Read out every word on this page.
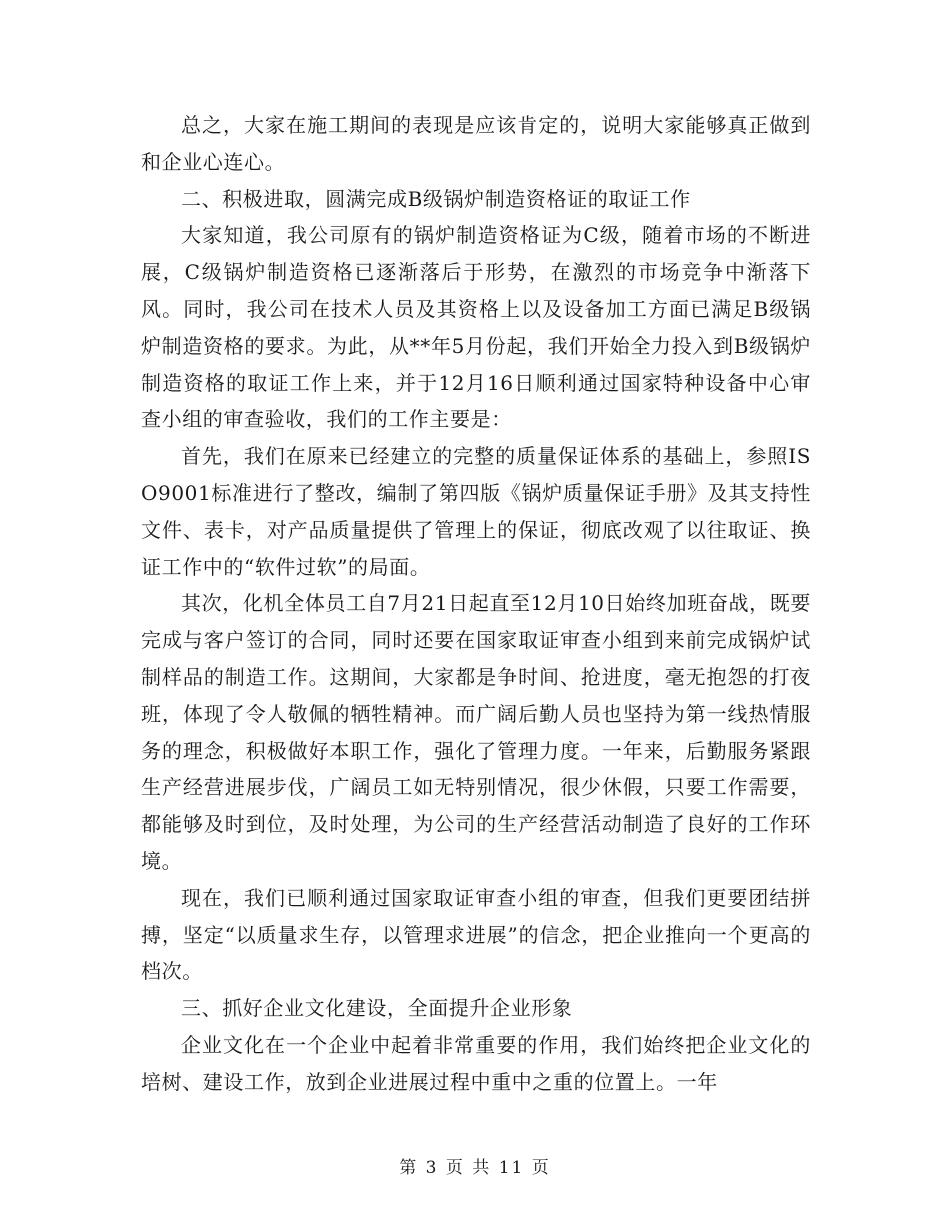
总之，大家在施工期间的表现是应该肯定的，说明大家能够真正做到和企业心连心。

二、积极进取，圆满完成B级锅炉制造资格证的取证工作

大家知道，我公司原有的锅炉制造资格证为C级，随着市场的不断进展，C级锅炉制造资格已逐渐落后于形势，在激烈的市场竞争中渐落下风。同时，我公司在技术人员及其资格上以及设备加工方面已满足B级锅炉制造资格的要求。为此，从**年5月份起，我们开始全力投入到B级锅炉制造资格的取证工作上来，并于12月16日顺利通过国家特种设备中心审查小组的审查验收，我们的工作主要是：

首先，我们在原来已经建立的完整的质量保证体系的基础上，参照ISO9001标准进行了整改，编制了第四版《锅炉质量保证手册》及其支持性文件、表卡，对产品质量提供了管理上的保证，彻底改观了以往取证、换证工作中的“软件过软”的局面。

其次，化机全体员工自7月21日起直至12月10日始终加班奋战，既要完成与客户签订的合同，同时还要在国家取证审查小组到来前完成锅炉试制样品的制造工作。这期间，大家都是争时间、抢进度，毫无抱怨的打夜班，体现了令人敬佩的牺牲精神。而广阔后勤人员也坚持为第一线热情服务的理念，积极做好本职工作，强化了管理力度。一年来，后勤服务紧跟生产经营进展步伐，广阔员工如无特别情况，很少休假，只要工作需要，都能够及时到位，及时处理，为公司的生产经营活动制造了良好的工作环境。

现在，我们已顺利通过国家取证审查小组的审查，但我们更要团结拼搏，坚定“以质量求生存，以管理求进展”的信念，把企业推向一个更高的档次。

三、抓好企业文化建设，全面提升企业形象

企业文化在一个企业中起着非常重要的作用，我们始终把企业文化的培树、建设工作，放到企业进展过程中重中之重的位置上。一年

第 3 页 共 11 页
